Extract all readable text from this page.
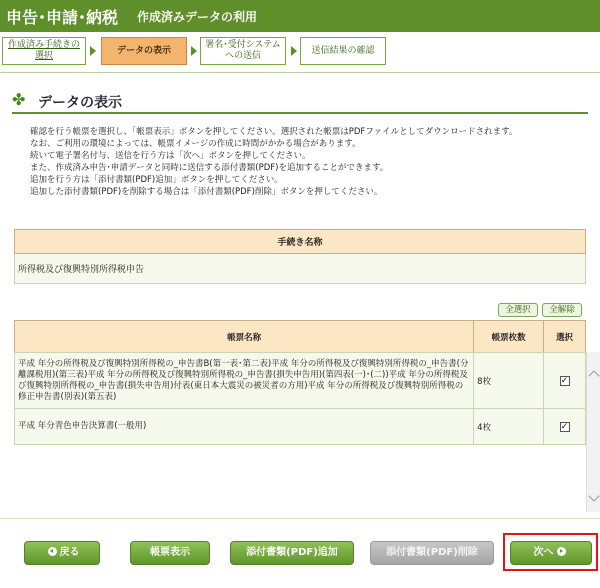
申告･申請･納税 作成済みデータの利用
作成済み手続きの
選択
データの表示
署名･受付システム
への送信
送信結果の確認
✤ データの表示
確認を行う帳票を選択し、「帳票表示」ボタンを押してください。選択された帳票はPDFファイルとしてダウンロードされます。
なお、ご利用の環境によっては、帳票イメージの作成に時間がかかる場合があります。
続いて電子署名付与、送信を行う方は「次へ」ボタンを押してください。
また、作成済み申告･申請データと同時に送信する添付書類(PDF)を追加することができます。
追加を行う方は「添付書類(PDF)追加」ボタンを押してください。
追加した添付書類(PDF)を削除する場合は「添付書類(PDF)削除」ボタンを押してください。
手続き名称
所得税及び復興特別所得税申告
全選択	全解除
帳票名称	帳票枚数	選択
平成 年分の所得税及び復興特別所得税の_申告書B(第一表･第二表)平成 年分の所得税及び復興特別所得税の_申告書(分離課税用)(第三表)平成 年分の所得税及び復興特別所得税の_申告書(損失申告用)(第四表(一)･(二))平成 年分の所得税及び復興特別所得税の_申告書(損失申告用)付表(東日本大震災の被災者の方用)平成 年分の所得税及び復興特別所得税の修正申告書(別表)(第五表)	8枚	✓
平成 年分青色申告決算書(一般用)	4枚	✓
戻る	帳票表示	添付書類(PDF)追加	添付書類(PDF)削除	次へ
